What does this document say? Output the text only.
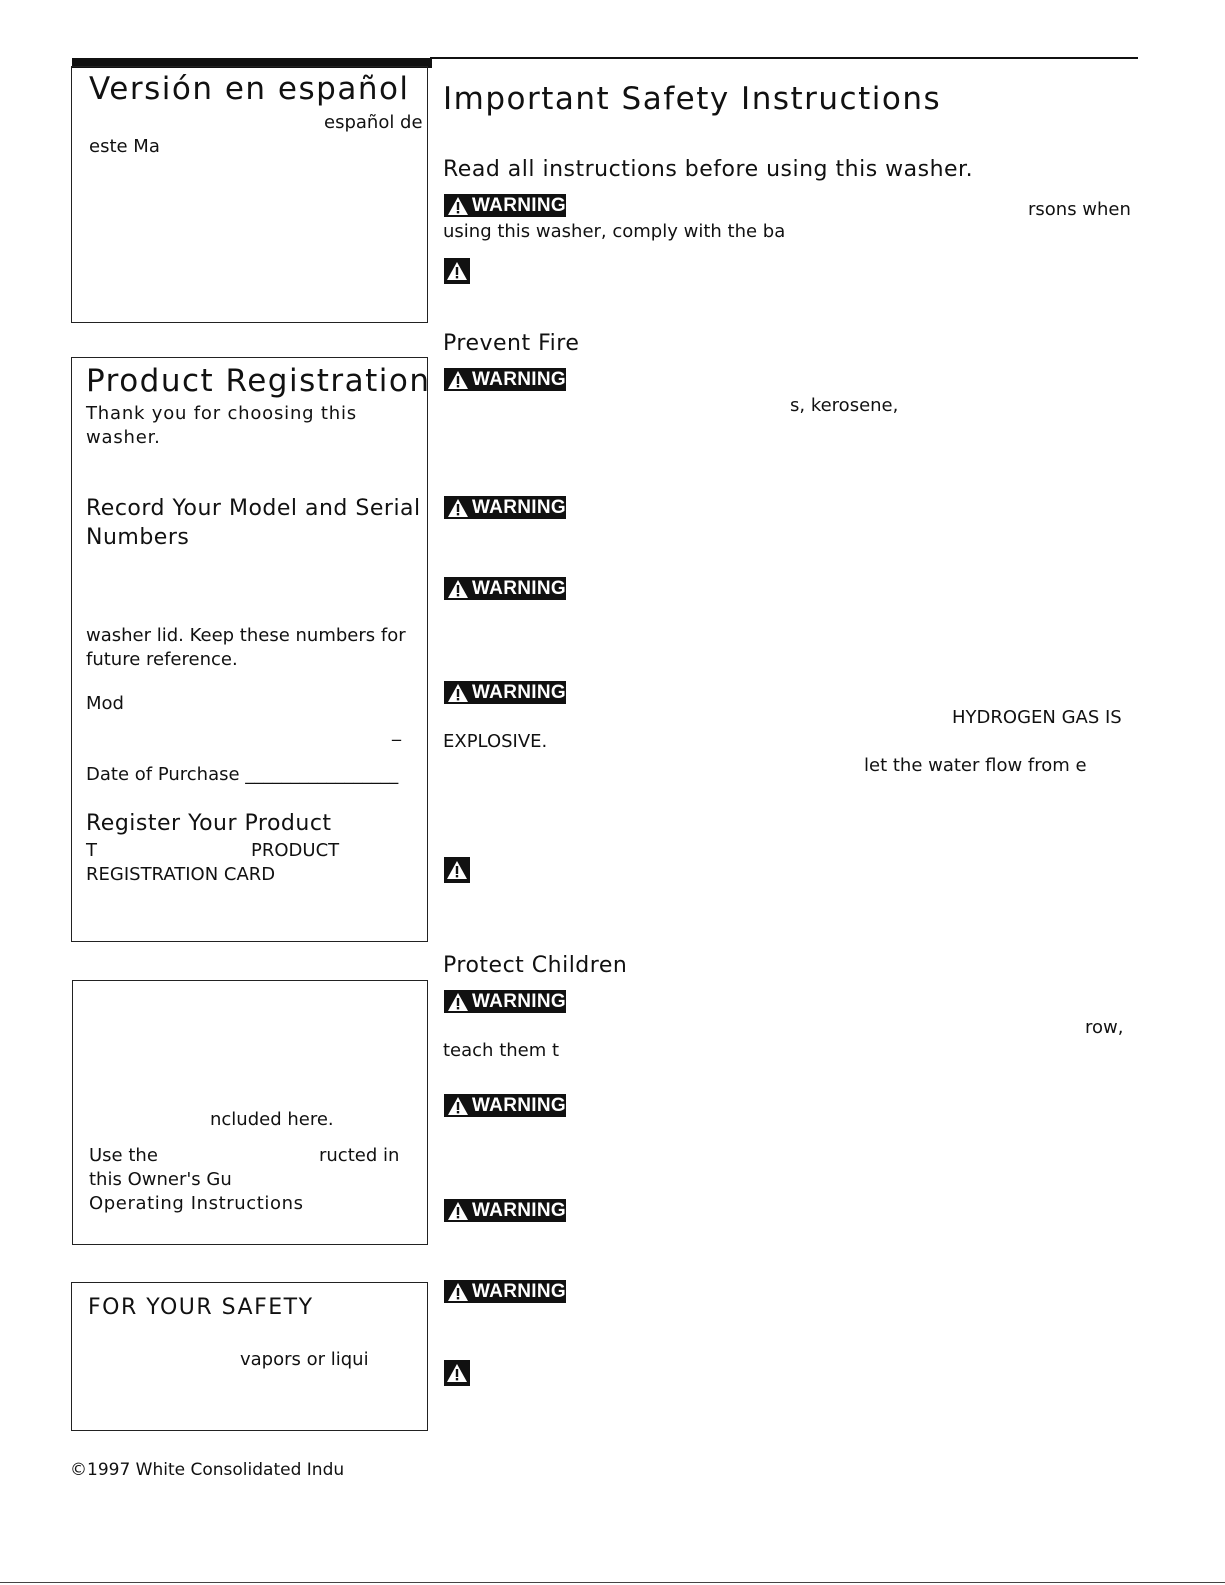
Versión en español
español de
este Ma
Product Registration
Thank you for choosing this
washer.
Record Your Model and Serial
Numbers
washer lid. Keep these numbers for
future reference.
Mod
_
Date of Purchase _________________
Register Your Product
T	PRODUCT
REGISTRATION CARD
ncluded here.
Use the	ructed in
this Owner's Gu
Operating Instructions
FOR YOUR SAFETY
vapors or liqui
©1997 White Consolidated Indu
Important Safety Instructions
Read all instructions before using this washer.
WARNING	rsons when
using this washer, comply with the ba
Prevent Fire
WARNING
s, kerosene,
WARNING
WARNING
WARNING
HYDROGEN GAS IS
EXPLOSIVE.
let the water flow from e
Protect Children
WARNING
row,
teach them t
WARNING
WARNING
WARNING
